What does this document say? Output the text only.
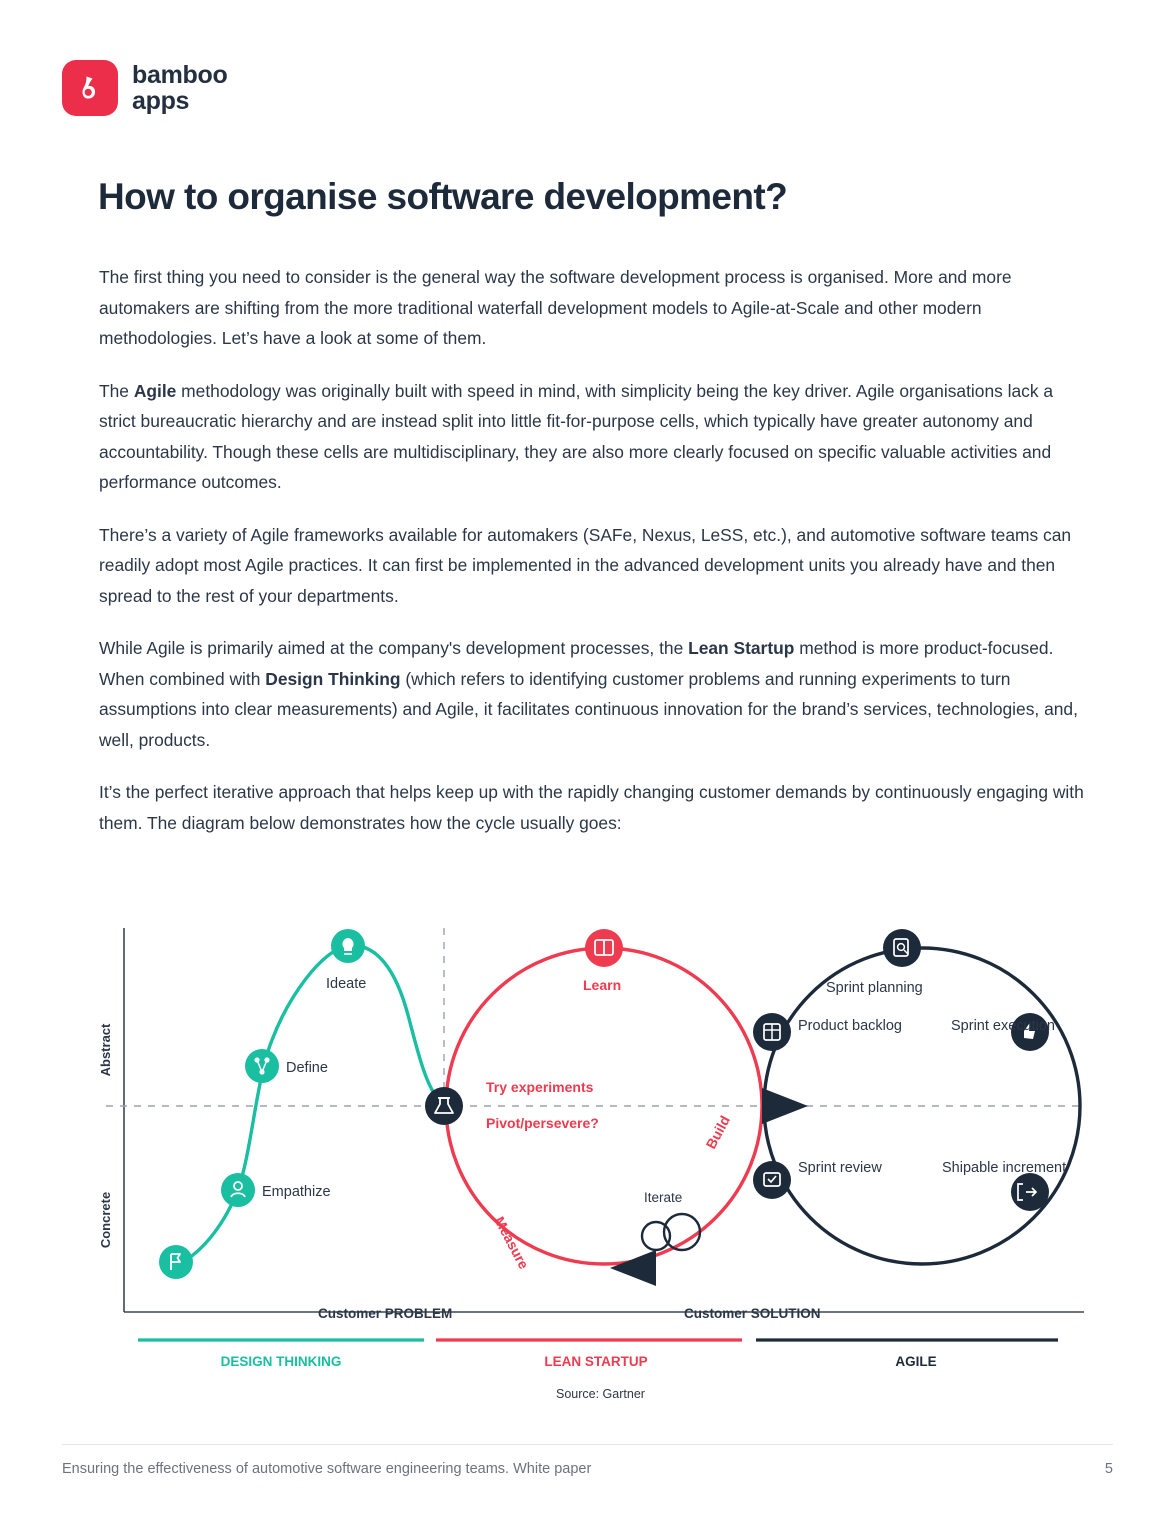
bamboo
apps
How to organise software development?

The first thing you need to consider is the general way the software development process is organised. More and more automakers are shifting from the more traditional waterfall development models to Agile-at-Scale and other modern methodologies. Let’s have a look at some of them.

The Agile methodology was originally built with speed in mind, with simplicity being the key driver. Agile organisations lack a strict bureaucratic hierarchy and are instead split into little fit-for-purpose cells, which typically have greater autonomy and accountability. Though these cells are multidisciplinary, they are also more clearly focused on specific valuable activities and performance outcomes.

There’s a variety of Agile frameworks available for automakers (SAFe, Nexus, LeSS, etc.), and automotive software teams can readily adopt most Agile practices. It can first be implemented in the advanced development units you already have and then spread to the rest of your departments.

While Agile is primarily aimed at the company's development processes, the Lean Startup method is more product-focused. When combined with Design Thinking (which refers to identifying customer problems and running experiments to turn assumptions into clear measurements) and Agile, it facilitates continuous innovation for the brand’s services, technologies, and, well, products.

It’s the perfect iterative approach that helps keep up with the rapidly changing customer demands by continuously engaging with them. The diagram below demonstrates how the cycle usually goes:

Abstract
Concrete	Iterate
Empathize
Define
Ideate	Learn
Try experiments
Pivot/persevere?
Measure
Build
Sprint planning
Sprint execution
Product backlog
Sprint review	Shipable increment
Customer PROBLEM	Customer SOLUTION
DESIGN THINKING	LEAN STARTUP	AGILE
Source: Gartner
Ensuring the effectiveness of automotive software engineering teams. White paper	5
